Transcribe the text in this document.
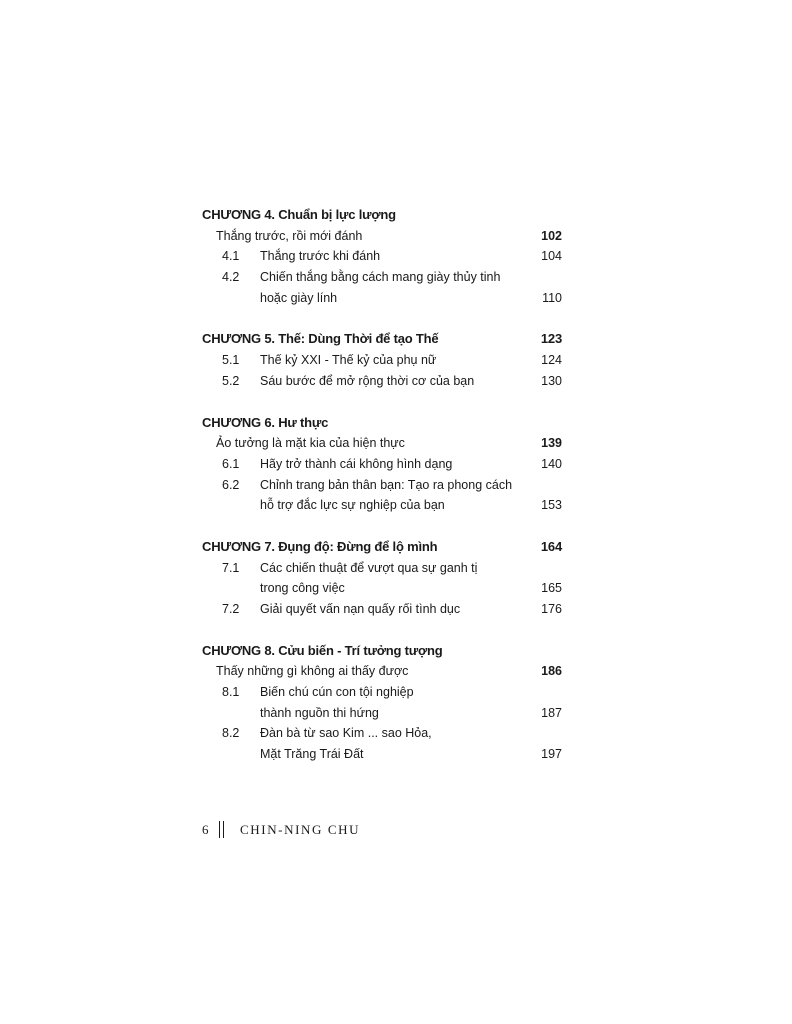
CHƯƠNG 4. Chuẩn bị lực lượng
Thắng trước, rồi mới đánh	102
4.1 Thắng trước khi đánh	104
4.2 Chiến thắng bằng cách mang giày thủy tinh
hoặc giày lính	110
CHƯƠNG 5. Thế: Dùng Thời để tạo Thế	123
5.1 Thế kỷ XXI - Thế kỷ của phụ nữ	124
5.2 Sáu bước để mở rộng thời cơ của bạn	130
CHƯƠNG 6. Hư thực
Ảo tưởng là mặt kia của hiện thực	139
6.1 Hãy trở thành cái không hình dạng	140
6.2 Chỉnh trang bản thân bạn: Tạo ra phong cách
hỗ trợ đắc lực sự nghiệp của bạn	153
CHƯƠNG 7. Đụng độ: Đừng để lộ mình	164
7.1 Các chiến thuật để vượt qua sự ganh tị
trong công việc	165
7.2 Giải quyết vấn nạn quấy rối tình dục	176
CHƯƠNG 8. Cửu biến - Trí tưởng tượng
Thấy những gì không ai thấy được	186
8.1 Biến chú cún con tội nghiệp
thành nguồn thi hứng	187
8.2 Đàn bà từ sao Kim ... sao Hỏa,
Mặt Trăng Trái Đất	197
6 CHIN-NING CHU
